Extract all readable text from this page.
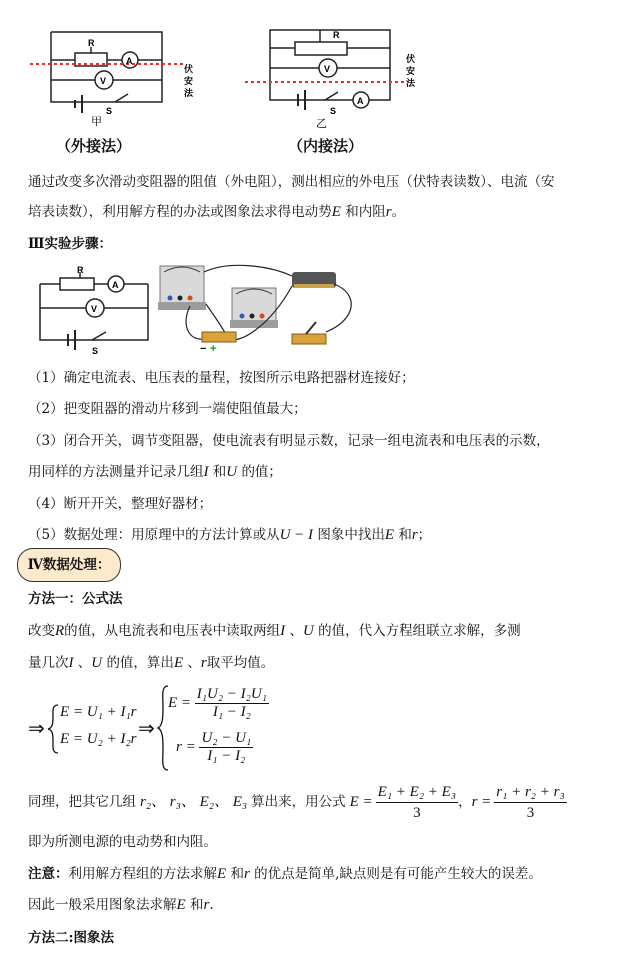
甲
S
R
A
V
伏
安
法
乙
S
R
A
V
伏
安
法
（外接法）	（内接法）
通过改变多次滑动变阻器的阻值（外电阻），测出相应的外电压（伏特表读数）、电流（安
培表读数），利用解方程的办法或图象法求得电动势E 和内阻r。
Ⅲ实验步骤：
R
A
V
S	− +
（1）确定电流表、电压表的量程，按图所示电路把器材连接好；
（2）把变阻器的滑动片移到一端使阻值最大；
（3）闭合开关，调节变阻器，使电流表有明显示数，记录一组电流表和电压表的示数，
用同样的方法测量并记录几组I 和U 的值；
（4）断开开关，整理好器材；
（5）数据处理：用原理中的方法计算或从U − I 图象中找出E 和r；
Ⅳ数据处理：
方法一：公式法
改变R的值，从电流表和电压表中读取两组I 、U 的值，代入方程组联立求解，多测
量几次I 、U 的值，算出E 、r取平均值。
⇒
E = U₁ + I₁r
E = U₂ + I₂r ⇒
$E = \frac{\text{I₁U₂ − I₂U₁}}{\text{I₁ − I₂}}$
$r = \frac{\text{U₂ − U₁}}{\text{I₁ − I₂}}$
同理，把其它几组 r₂、 r₃、 E₂、 E₃ 算出来，用公式 $E = \frac{\text{E₁ + E₂ + E₃}}{3}$ ， $r = \frac{\text{r₁ + r₂ + r₃}}{3}$
即为所测电源的电动势和内阻。
注意：利用解方程组的方法求解E 和r 的优点是简单,缺点则是有可能产生较大的误差。
因此一般采用图象法求解E 和r.
方法二:图象法
